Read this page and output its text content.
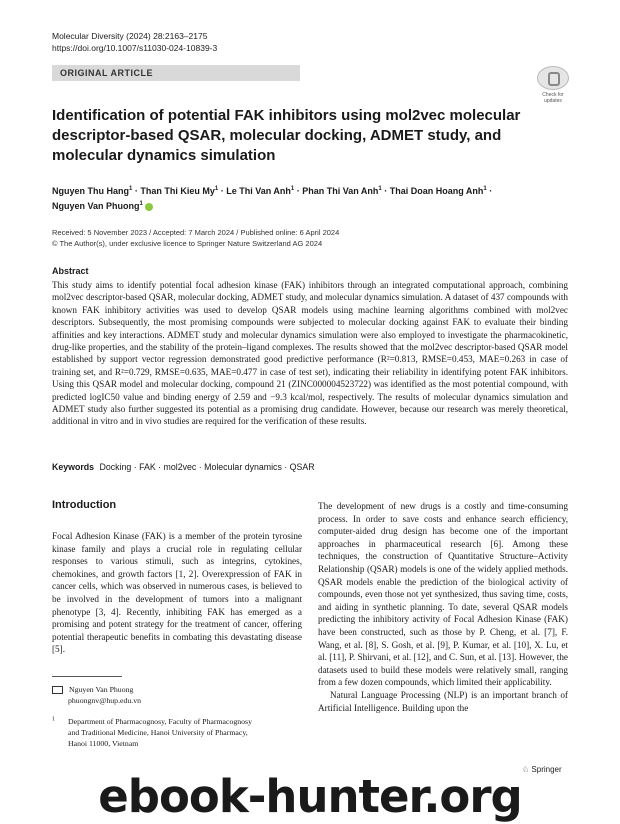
Molecular Diversity (2024) 28:2163–2175
https://doi.org/10.1007/s11030-024-10839-3
ORIGINAL ARTICLE
Check for updates
Identification of potential FAK inhibitors using mol2vec molecular descriptor-based QSAR, molecular docking, ADMET study, and molecular dynamics simulation
Nguyen Thu Hang$^1$ · Than Thi Kieu $My^1 \cdot Le$ Thi Van Anh$^1$ · Phan Thi Van Anh$^1$ · Thai Doan Hoang Anh$^1$ ·
Nguyen Van Phuong$^1$
Received: 5 November 2023 / Accepted: 7 March 2024 / Published online: 6 April 2024
© The Author(s), under exclusive licence to Springer Nature Switzerland AG 2024
Abstract
This study aims to identify potential focal adhesion kinase (FAK) inhibitors through an integrated computational approach, combining mol2vec descriptor-based QSAR, molecular docking, ADMET study, and molecular dynamics simulation. A dataset of 437 compounds with known FAK inhibitory activities was used to develop QSAR models using machine learning algorithms combined with mol2vec descriptors. Subsequently, the most promising compounds were subjected to molecular docking against FAK to evaluate their binding affinities and key interactions. ADMET study and molecular dynamics simulation were also employed to investigate the pharmacokinetic, drug-like properties, and the stability of the protein–ligand complexes. The results showed that the mol2vec descriptor-based QSAR model established by support vector regression demonstrated good predictive performance (R²=0.813, RMSE=0.453, MAE=0.263 in case of training set, and R²=0.729, RMSE=0.635, MAE=0.477 in case of test set), indicating their reliability in identifying potent FAK inhibitors. Using this QSAR model and molecular docking, compound 21 (ZINC000004523722) was identified as the most potential compound, with predicted logIC50 value and binding energy of 2.59 and −9.3 kcal/mol, respectively. The results of molecular dynamics simulation and ADMET study also further suggested its potential as a promising drug candidate. However, because our research was merely theoretical, additional in vitro and in vivo studies are required for the verification of these results.
Keywords Docking · FAK · mol2vec · Molecular dynamics · QSAR
Introduction
Focal Adhesion Kinase (FAK) is a member of the protein tyrosine kinase family and plays a crucial role in regulating cellular responses to various stimuli, such as integrins, cytokines, chemokines, and growth factors [1, 2]. Overexpression of FAK in cancer cells, which was observed in numerous cases, is believed to be involved in the development of tumors into a malignant phenotype [3, 4]. Recently, inhibiting FAK has emerged as a promising and potent strategy for the treatment of cancer, offering potential therapeutic benefits in combating this devastating disease [5].

The development of new drugs is a costly and time-consuming process. In order to save costs and enhance search efficiency, computer-aided drug design has become one of the important approaches in pharmaceutical research [6]. Among these techniques, the construction of Quantitative Structure–Activity Relationship (QSAR) models is one of the widely applied methods. QSAR models enable the prediction of the biological activity of compounds, even those not yet synthesized, thus saving time, costs, and aiding in synthetic planning. To date, several QSAR models predicting the inhibitory activity of Focal Adhesion Kinase (FAK) have been constructed, such as those by P. Cheng, et al. [7], F. Wang, et al. [8], S. Gosh, et al. [9], P. Kumar, et al. [10], X. Lu, et al. [11], P. Shirvani, et al. [12], and C. Sun, et al. [13]. However, the datasets used to build these models were relatively small, ranging from a few dozen compounds, which limited their applicability.

Natural Language Processing (NLP) is an important branch of Artificial Intelligence. Building upon the

Nguyen Van Phuong
phuongnv@hup.edu.vn
$^1$	Department of Pharmacognosy, Faculty of Pharmacognosy
and Traditional Medicine, Hanoi University of Pharmacy,
Hanoi 11000, Vietnam
♘ Springer
ebook-hunter.org
